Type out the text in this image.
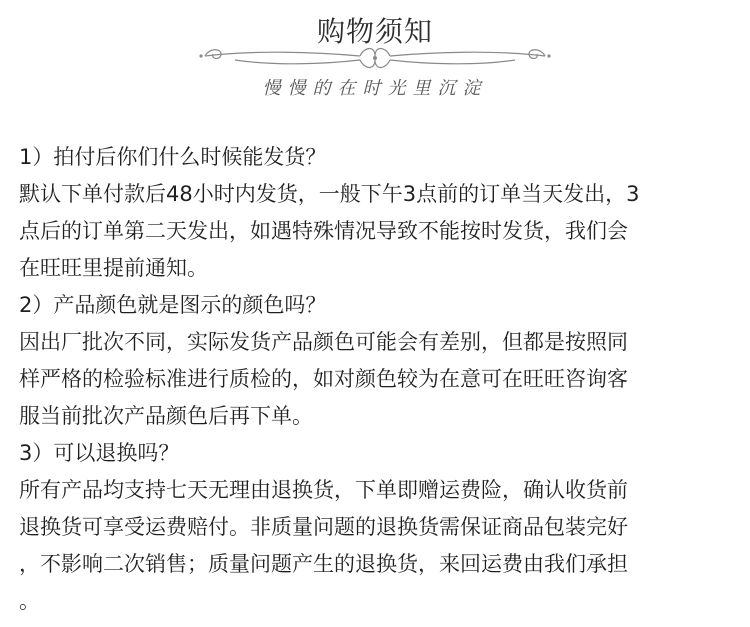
购物须知
慢慢的在时光里沉淀
1）拍付后你们什么时候能发货？
默认下单付款后48小时内发货，一般下午3点前的订单当天发出，3
点后的订单第二天发出，如遇特殊情况导致不能按时发货，我们会
在旺旺里提前通知。
2）产品颜色就是图示的颜色吗？
因出厂批次不同，实际发货产品颜色可能会有差别，但都是按照同
样严格的检验标准进行质检的，如对颜色较为在意可在旺旺咨询客
服当前批次产品颜色后再下单。
3）可以退换吗？
所有产品均支持七天无理由退换货，下单即赠运费险，确认收货前
退换货可享受运费赔付。非质量问题的退换货需保证商品包装完好
，不影响二次销售；质量问题产生的退换货，来回运费由我们承担
。
